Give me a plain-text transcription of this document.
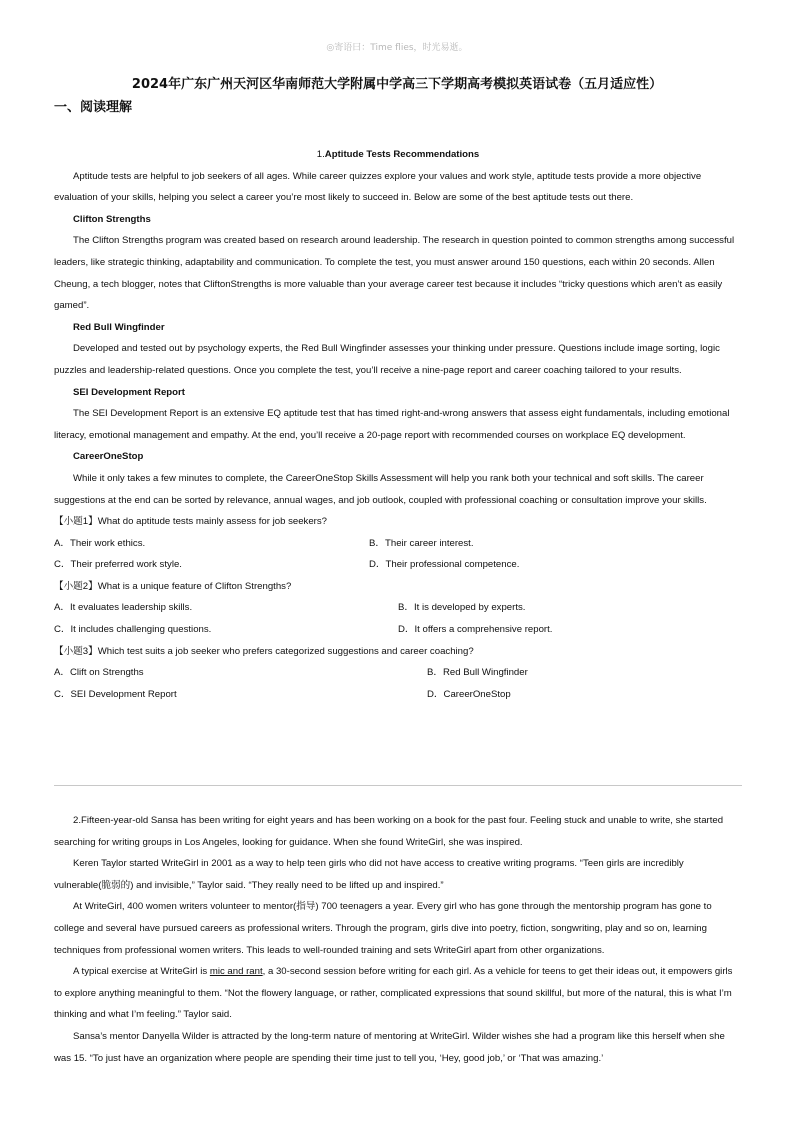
◎寄语曰：Time flies，时光易逝。
2024年广东广州天河区华南师范大学附属中学高三下学期高考模拟英语试卷（五月适应性）
一、阅读理解

1.Aptitude Tests Recommendations

Aptitude tests are helpful to job seekers of all ages. While career quizzes explore your values and work style, aptitude tests provide a more objective evaluation of your skills, helping you select a career you’re most likely to succeed in. Below are some of the best aptitude tests out there.

Clifton Strengths

The Clifton Strengths program was created based on research around leadership. The research in question pointed to common strengths among successful leaders, like strategic thinking, adaptability and communication. To complete the test, you must answer around 150 questions, each within 20 seconds. Allen Cheung, a tech blogger, notes that CliftonStrengths is more valuable than your average career test because it includes “tricky questions which aren’t as easily gamed”.

Red Bull Wingfinder

Developed and tested out by psychology experts, the Red Bull Wingfinder assesses your thinking under pressure. Questions include image sorting, logic puzzles and leadership-related questions. Once you complete the test, you’ll receive a nine-page report and career coaching tailored to your results.

SEI Development Report

The SEI Development Report is an extensive EQ aptitude test that has timed right-and-wrong answers that assess eight fundamentals, including emotional literacy, emotional management and empathy. At the end, you’ll receive a 20-page report with recommended courses on workplace EQ development.

CareerOneStop

While it only takes a few minutes to complete, the CareerOneStop Skills Assessment will help you rank both your technical and soft skills. The career suggestions at the end can be sorted by relevance, annual wages, and job outlook, coupled with professional coaching or consultation improve your skills.

【小题1】What do aptitude tests mainly assess for job seekers?

A．Their work ethics.	B．Their career interest.
C．Their preferred work style.	D．Their professional competence.

【小题2】What is a unique feature of Clifton Strengths?

A．It evaluates leadership skills.	B．It is developed by experts.
C．It includes challenging questions.	D．It offers a comprehensive report.

【小题3】Which test suits a job seeker who prefers categorized suggestions and career coaching?

A．Clift on Strengths	B．Red Bull Wingfinder
C．SEI Development Report	D．CareerOneStop

2.Fifteen-year-old Sansa has been writing for eight years and has been working on a book for the past four. Feeling stuck and unable to write, she started searching for writing groups in Los Angeles, looking for guidance. When she found WriteGirl, she was inspired.

Keren Taylor started WriteGirl in 2001 as a way to help teen girls who did not have access to creative writing programs. “Teen girls are incredibly vulnerable(脆弱的) and invisible,” Taylor said. “They really need to be lifted up and inspired.”

At WriteGirl, 400 women writers volunteer to mentor(指导) 700 teenagers a year. Every girl who has gone through the mentorship program has gone to college and several have pursued careers as professional writers. Through the program, girls dive into poetry, fiction, songwriting, play and so on, learning techniques from professional women writers. This leads to well-rounded training and sets WriteGirl apart from other organizations.

A typical exercise at WriteGirl is mic and rant, a 30-second session before writing for each girl. As a vehicle for teens to get their ideas out, it empowers girls to explore anything meaningful to them. “Not the flowery language, or rather, complicated expressions that sound skillful, but more of the natural, this is what I’m thinking and what I’m feeling.” Taylor said.

Sansa’s mentor Danyella Wilder is attracted by the long-term nature of mentoring at WriteGirl. Wilder wishes she had a program like this herself when she was 15. “To just have an organization where people are spending their time just to tell you, ‘Hey, good job,’ or ‘That was amazing.’
